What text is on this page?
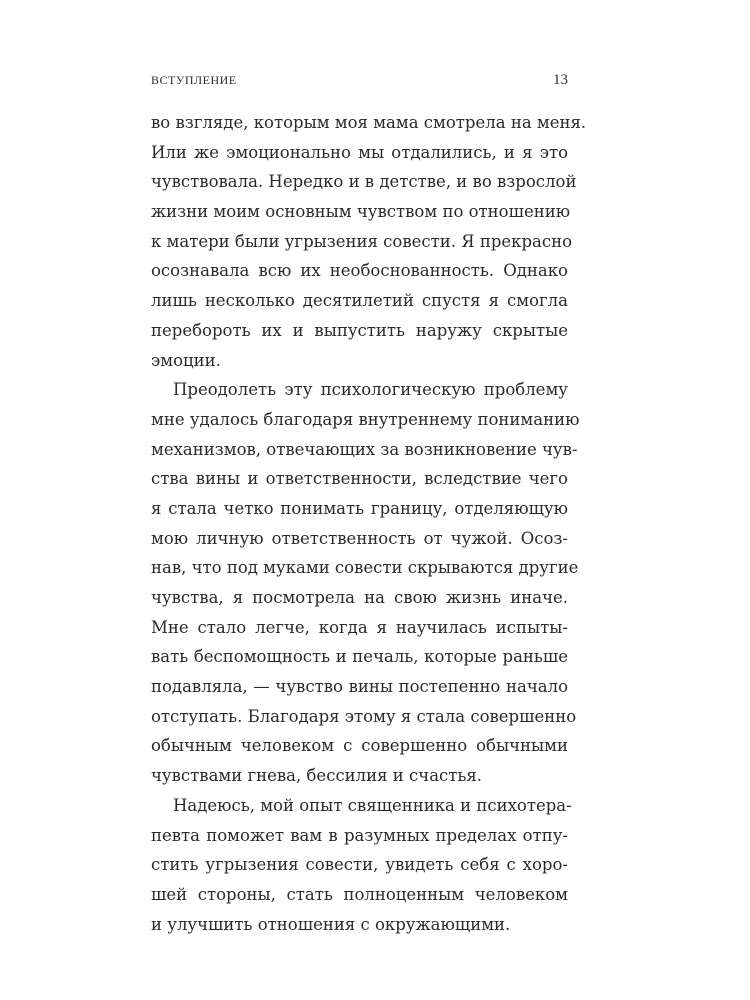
ВСТУПЛЕНИЕ	13
во взгляде, которым моя мама смотрела на меня.
Или же эмоционально мы отдалились, и я это
чувствовала. Нередко и в детстве, и во взрослой
жизни моим основным чувством по отношению
к матери были угрызения совести. Я прекрасно
осознавала всю их необоснованность. Однако
лишь несколько десятилетий спустя я смогла
перебороть их и выпустить наружу скрытые
эмоции.
Преодолеть эту психологическую проблему
мне удалось благодаря внутреннему пониманию
механизмов, отвечающих за возникновение чув-
ства вины и ответственности, вследствие чего
я стала четко понимать границу, отделяющую
мою личную ответственность от чужой. Осоз-
нав, что под муками совести скрываются другие
чувства, я посмотрела на свою жизнь иначе.
Мне стало легче, когда я научилась испыты-
вать беспомощность и печаль, которые раньше
подавляла, — чувство вины постепенно начало
отступать. Благодаря этому я стала совершенно
обычным человеком с совершенно обычными
чувствами гнева, бессилия и счастья.
Надеюсь, мой опыт священника и психотера-
певта поможет вам в разумных пределах отпу-
стить угрызения совести, увидеть себя с хоро-
шей стороны, стать полноценным человеком
и улучшить отношения с окружающими.
